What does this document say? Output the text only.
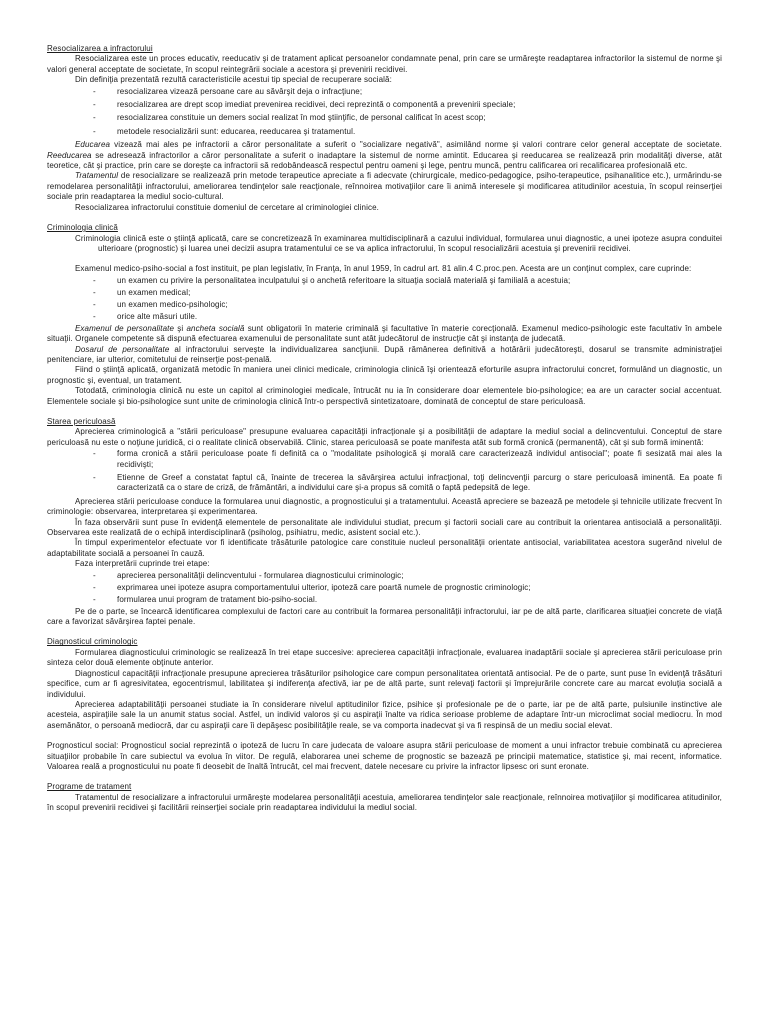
Resocializarea a infractorului

Resocializarea este un proces educativ, reeducativ şi de tratament aplicat persoanelor condamnate penal, prin care se urmăreşte readaptarea infractorilor la sistemul de norme şi valori general acceptate de societate, în scopul reintegrării sociale a acestora şi prevenirii recidivei.

Din definiţia prezentată rezultă caracteristicile acestui tip special de recuperare socială:

- resocializarea vizează persoane care au săvârşit deja o infracţiune;
- resocializarea are drept scop imediat prevenirea recidivei, deci reprezintă o componentă a prevenirii speciale;
- resocializarea constituie un demers social realizat în mod ştiinţific, de personal calificat în acest scop;
- metodele resocializării sunt: educarea, reeducarea şi tratamentul.

Educarea vizează mai ales pe infractorii a căror personalitate a suferit o "socializare negativă", asimilând norme şi valori contrare celor general acceptate de societate. Reeducarea se adresează infractorilor a căror personalitate a suferit o inadaptare la sistemul de norme amintit. Educarea şi reeducarea se realizează prin modalităţi diverse, atât teoretice, cât şi practice, prin care se doreşte ca infractorii să redobândească respectul pentru oameni şi lege, pentru muncă, pentru calificarea ori recalificarea profesională etc.

Tratamentul de resocializare se realizează prin metode terapeutice apreciate a fi adecvate (chirurgicale, medico-pedagogice, psiho-terapeutice, psihanalitice etc.), urmărindu-se remodelarea personalităţii infractorului, ameliorarea tendinţelor sale reacţionale, reînnoirea motivaţiilor care îi animă interesele şi modificarea atitudinilor acestuia, în scopul reinserţiei sociale prin readaptarea la mediul socio-cultural.

Resocializarea infractorului constituie domeniul de cercetare al criminologiei clinice.

Criminologia clinică

Criminologia clinică este o ştiinţă aplicată, care se concretizează în examinarea multidisciplinară a cazului individual, formularea unui diagnostic, a unei ipoteze asupra conduitei ulterioare (prognostic) şi luarea unei decizii asupra tratamentului ce se va aplica infractorului, în scopul resocializării acestuia şi prevenirii recidivei.

Examenul medico-psiho-social a fost instituit, pe plan legislativ, în Franţa, în anul 1959, în cadrul art. 81 alin.4 C.proc.pen. Acesta are un conţinut complex, care cuprinde:

- un examen cu privire la personalitatea inculpatului şi o anchetă referitoare la situaţia socială materială şi familială a acestuia;
- un examen medical;
- un examen medico-psihologic;
- orice alte măsuri utile.

Examenul de personalitate şi ancheta socială sunt obligatorii în materie criminală şi facultative în materie corecţională. Examenul medico-psihologic este facultativ în ambele situaţii. Organele competente să dispună efectuarea examenului de personalitate sunt atât judecătorul de instrucţie cât şi instanţa de judecată.

Dosarul de personalitate al infractorului serveşte la individualizarea sancţiunii. După rămânerea definitivă a hotărârii judecătoreşti, dosarul se transmite administraţiei penitenciare, iar ulterior, comitetului de reinserţie post-penală.

Fiind o ştiinţă aplicată, organizată metodic în maniera unei clinici medicale, criminologia clinică îşi orientează eforturile asupra infractorului concret, formulând un diagnostic, un prognostic şi, eventual, un tratament.

Totodată, criminologia clinică nu este un capitol al criminologiei medicale, întrucât nu ia în considerare doar elementele bio-psihologice; ea are un caracter social accentuat. Elementele sociale şi bio-psihologice sunt unite de criminologia clinică într-o perspectivă sintetizatoare, dominată de conceptul de stare periculoasă.

Starea periculoasă

Aprecierea criminologică a "stării periculoase" presupune evaluarea capacităţii infracţionale şi a posibilităţii de adaptare la mediul social a delincventului. Conceptul de stare periculoasă nu este o noţiune juridică, ci o realitate clinică observabilă. Clinic, starea periculoasă se poate manifesta atât sub formă cronică (permanentă), cât şi sub formă iminentă:

- forma cronică a stării periculoase poate fi definită ca o "modalitate psihologică şi morală care caracterizează individul antisocial"; poate fi sesizată mai ales la recidivişti;
- Etienne de Greef a constatat faptul că, înainte de trecerea la săvârşirea actului infracţional, toţi delincvenţii parcurg o stare periculoasă iminentă. Ea poate fi caracterizată ca o stare de criză, de frământări, a individului care şi-a propus să comită o faptă pedepsită de lege.

Aprecierea stării periculoase conduce la formularea unui diagnostic, a prognosticului şi a tratamentului. Această apreciere se bazează pe metodele şi tehnicile utilizate frecvent în criminologie: observarea, interpretarea şi experimentarea.

În faza observării sunt puse în evidenţă elementele de personalitate ale individului studiat, precum şi factorii sociali care au contribuit la orientarea antisocială a personalităţii. Observarea este realizată de o echipă interdisciplinară (psiholog, psihiatru, medic, asistent social etc.).

În timpul experimentelor efectuate vor fi identificate trăsăturile patologice care constituie nucleul personalităţii orientate antisocial, variabilitatea acestora sugerând nivelul de adaptabilitate socială a persoanei în cauză.

Faza interpretării cuprinde trei etape:

- aprecierea personalităţii delincventului - formularea diagnosticului criminologic;
- exprimarea unei ipoteze asupra comportamentului ulterior, ipoteză care poartă numele de prognostic criminologic;
- formularea unui program de tratament bio-psiho-social.

Pe de o parte, se încearcă identificarea complexului de factori care au contribuit la formarea personalităţii infractorului, iar pe de altă parte, clarificarea situaţiei concrete de viaţă care a favorizat săvârşirea faptei penale.

Diagnosticul criminologic

Formularea diagnosticului criminologic se realizează în trei etape succesive: aprecierea capacităţii infracţionale, evaluarea inadaptării sociale şi aprecierea stării periculoase prin sinteza celor două elemente obţinute anterior.

Diagnosticul capacităţii infracţionale presupune aprecierea trăsăturilor psihologice care compun personalitatea orientată antisocial. Pe de o parte, sunt puse în evidenţă trăsături specifice, cum ar fi agresivitatea, egocentrismul, labilitatea şi indiferenţa afectivă, iar pe de altă parte, sunt relevaţi factorii şi împrejurările concrete care au marcat evoluţia socială a individului.

Aprecierea adaptabilităţii persoanei studiate ia în considerare nivelul aptitudinilor fizice, psihice şi profesionale pe de o parte, iar pe de altă parte, pulsiunile instinctive ale acesteia, aspiraţiile sale la un anumit status social. Astfel, un individ valoros şi cu aspiraţii înalte va ridica serioase probleme de adaptare într-un microclimat social mediocru. În mod asemănător, o persoană mediocră, dar cu aspiraţii care îi depăşesc posibilităţile reale, se va comporta inadecvat şi va fi respinsă de un mediu social elevat.

Prognosticul social: Prognosticul social reprezintă o ipoteză de lucru în care judecata de valoare asupra stării periculoase de moment a unui infractor trebuie combinată cu aprecierea situaţiilor probabile în care subiectul va evolua în viitor. De regulă, elaborarea unei scheme de prognostic se bazează pe principii matematice, statistice şi, mai recent, informatice. Valoarea reală a prognosticului nu poate fi deosebit de înaltă întrucât, cel mai frecvent, datele necesare cu privire la infractor lipsesc ori sunt eronate.

Programe de tratament

Tratamentul de resocializare a infractorului urmăreşte modelarea personalităţii acestuia, ameliorarea tendinţelor sale reacţionale, reînnoirea motivaţiilor şi modificarea atitudinilor, în scopul prevenirii recidivei şi facilitării reinserţiei sociale prin readaptarea individului la mediul social.
